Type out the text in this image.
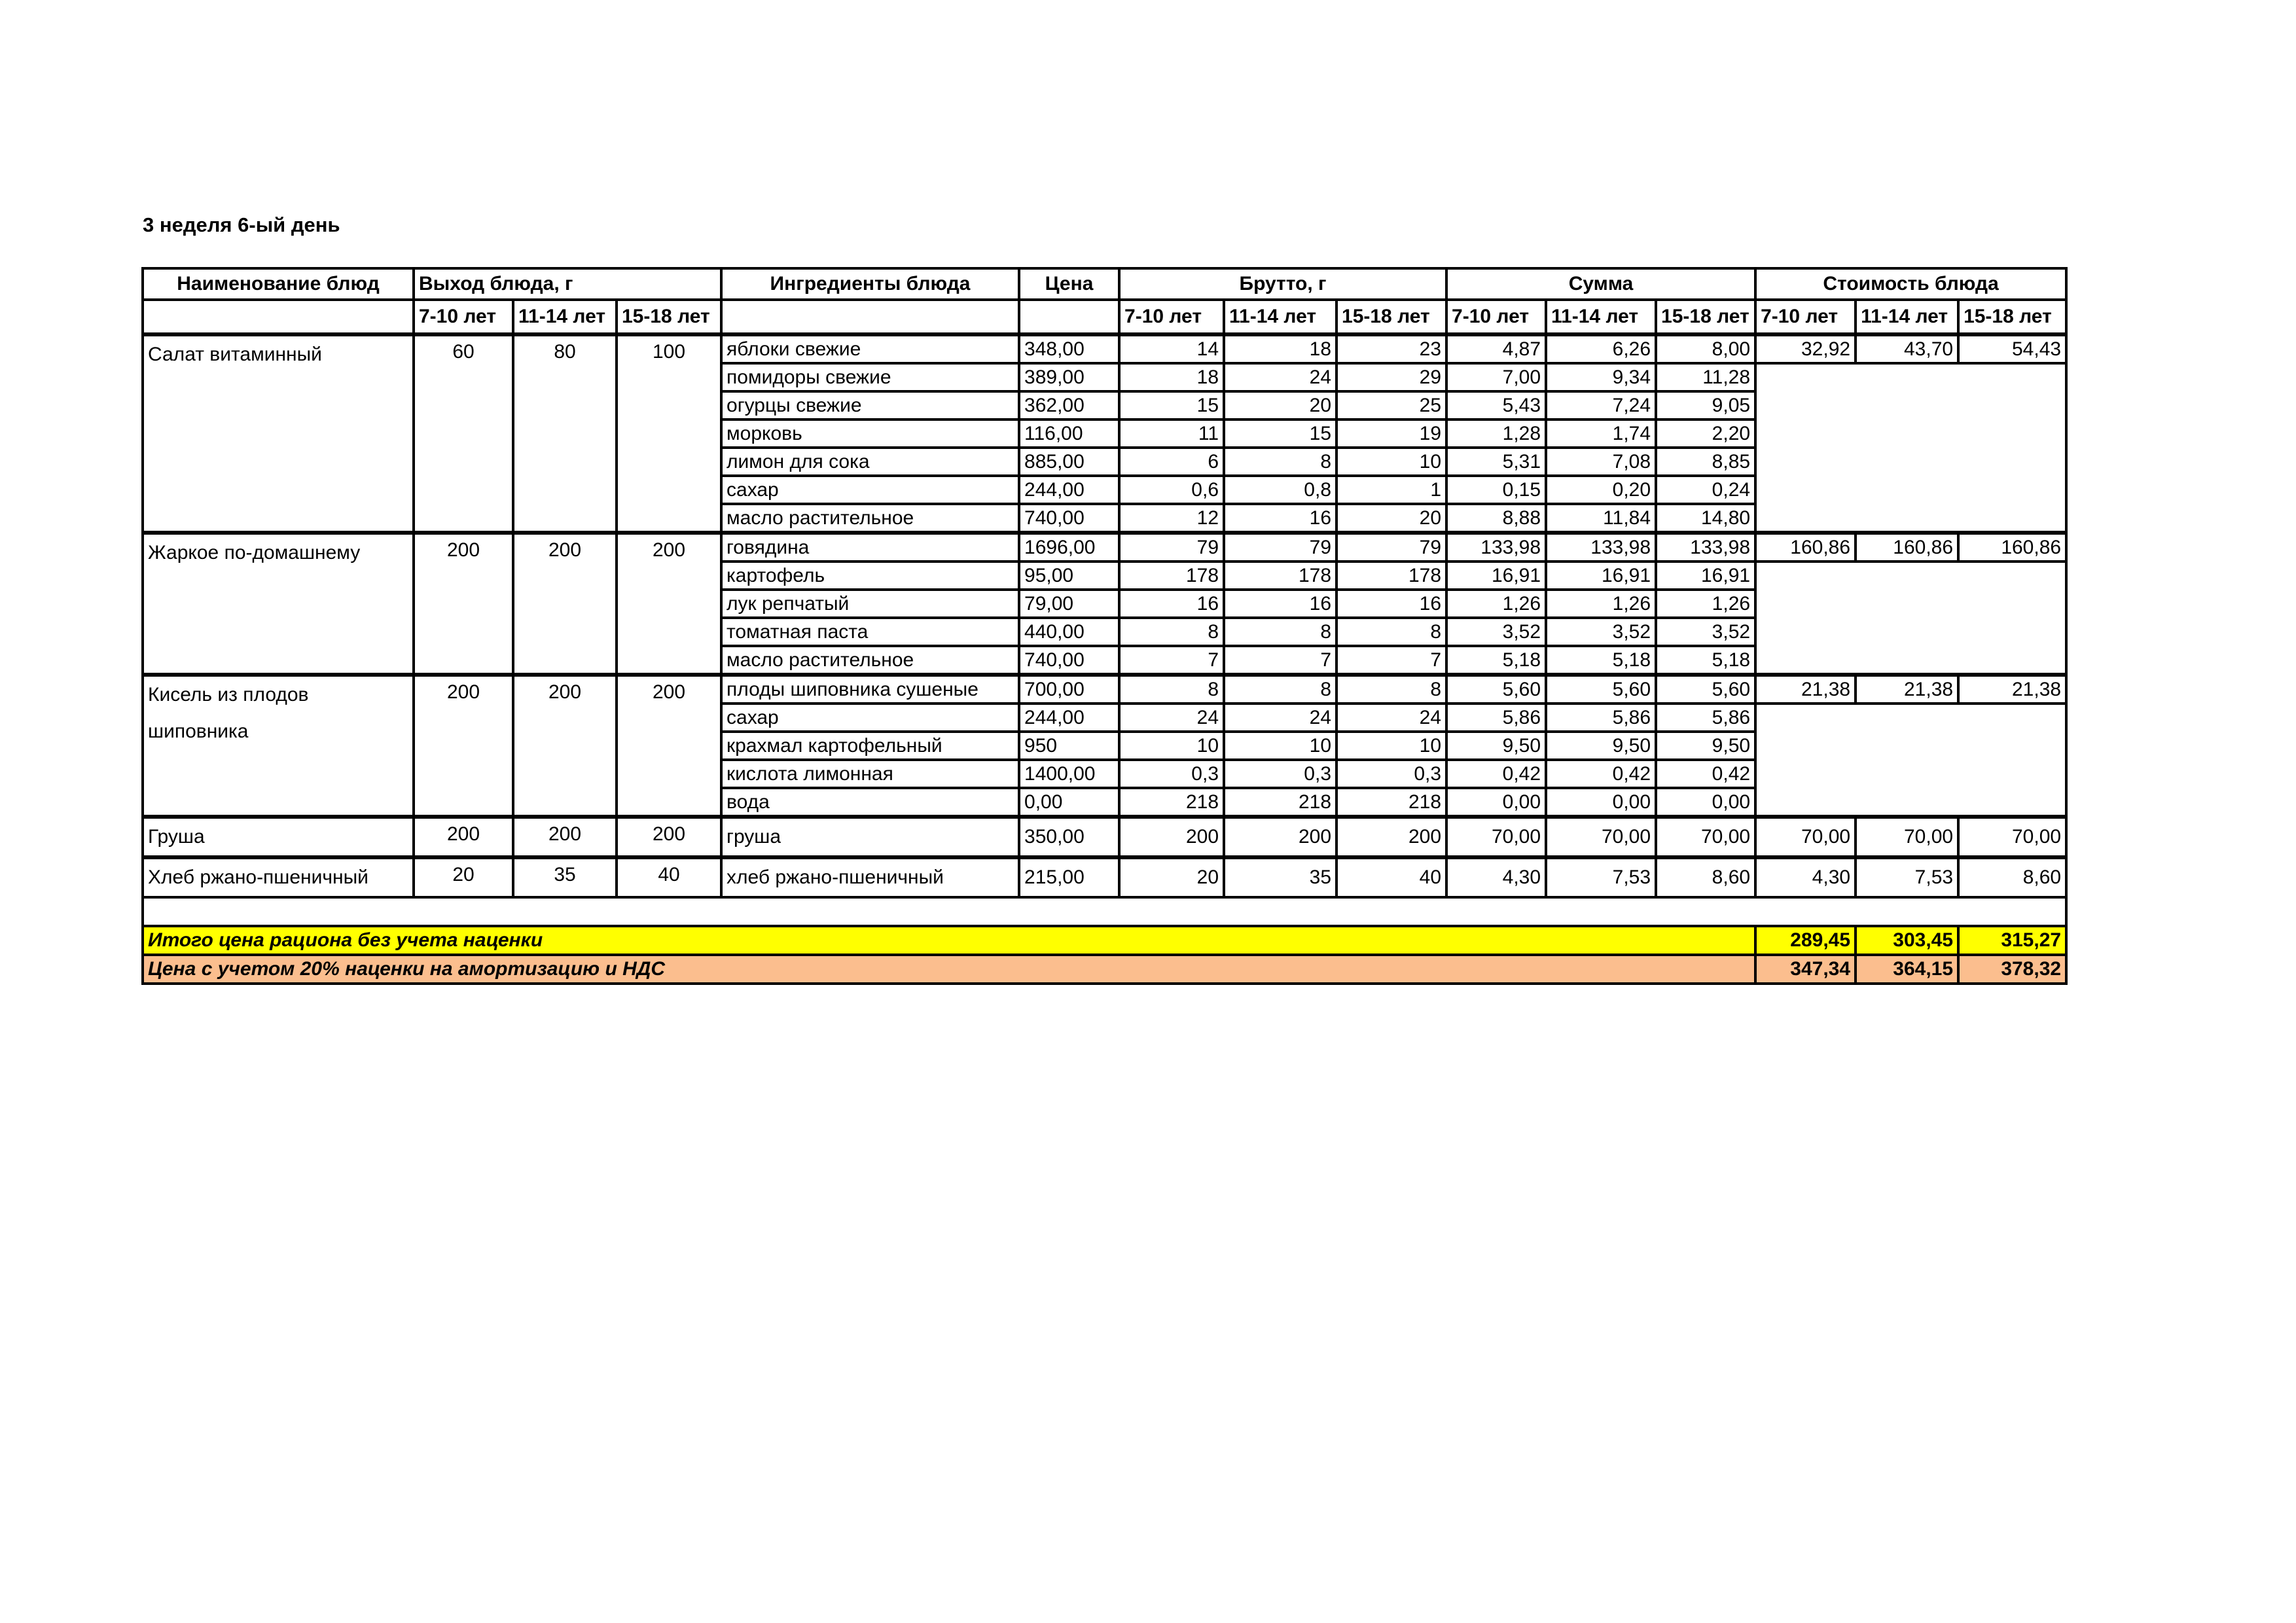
3 неделя 6-ый день
Наименование блюд	Выход блюда, г			Ингредиенты блюда	Цена	Брутто, г			Сумма			Стоимость блюда		
	7-10 лет	11-14 лет	15-18 лет			7-10 лет	11-14 лет	15-18 лет	7-10 лет	11-14 лет	15-18 лет	7-10 лет	11-14 лет	15-18 лет
Салат витаминный	60	80	100	яблоки свежие	348,00	14	18	23	4,87	6,26	8,00	32,92	43,70	54,43
				помидоры свежие	389,00	18	24	29	7,00	9,34	11,28			
				огурцы свежие	362,00	15	20	25	5,43	7,24	9,05			
				морковь	116,00	11	15	19	1,28	1,74	2,20			
				лимон для сока	885,00	6	8	10	5,31	7,08	8,85			
				сахар	244,00	0,6	0,8	1	0,15	0,20	0,24			
				масло растительное	740,00	12	16	20	8,88	11,84	14,80			
Жаркое по-домашнему	200	200	200	говядина	1696,00	79	79	79	133,98	133,98	133,98	160,86	160,86	160,86
				картофель	95,00	178	178	178	16,91	16,91	16,91			
				лук репчатый	79,00	16	16	16	1,26	1,26	1,26			
				томатная паста	440,00	8	8	8	3,52	3,52	3,52			
				масло растительное	740,00	7	7	7	5,18	5,18	5,18			
Кисель из плодов шиповника	200	200	200	плоды шиповника сушеные	700,00	8	8	8	5,60	5,60	5,60	21,38	21,38	21,38
				сахар	244,00	24	24	24	5,86	5,86	5,86			
				крахмал картофельный	950	10	10	10	9,50	9,50	9,50			
				кислота лимонная	1400,00	0,3	0,3	0,3	0,42	0,42	0,42			
				вода	0,00	218	218	218	0,00	0,00	0,00			
Груша	200	200	200	груша	350,00	200	200	200	70,00	70,00	70,00	70,00	70,00	70,00
Хлеб ржано-пшеничный	20	35	40	хлеб ржано-пшеничный	215,00	20	35	40	4,30	7,53	8,60	4,30	7,53	8,60

Итого цена рациона без учета наценки												289,45	303,45	315,27
Цена с учетом 20% наценки на амортизацию и НДС												347,34	364,15	378,32
